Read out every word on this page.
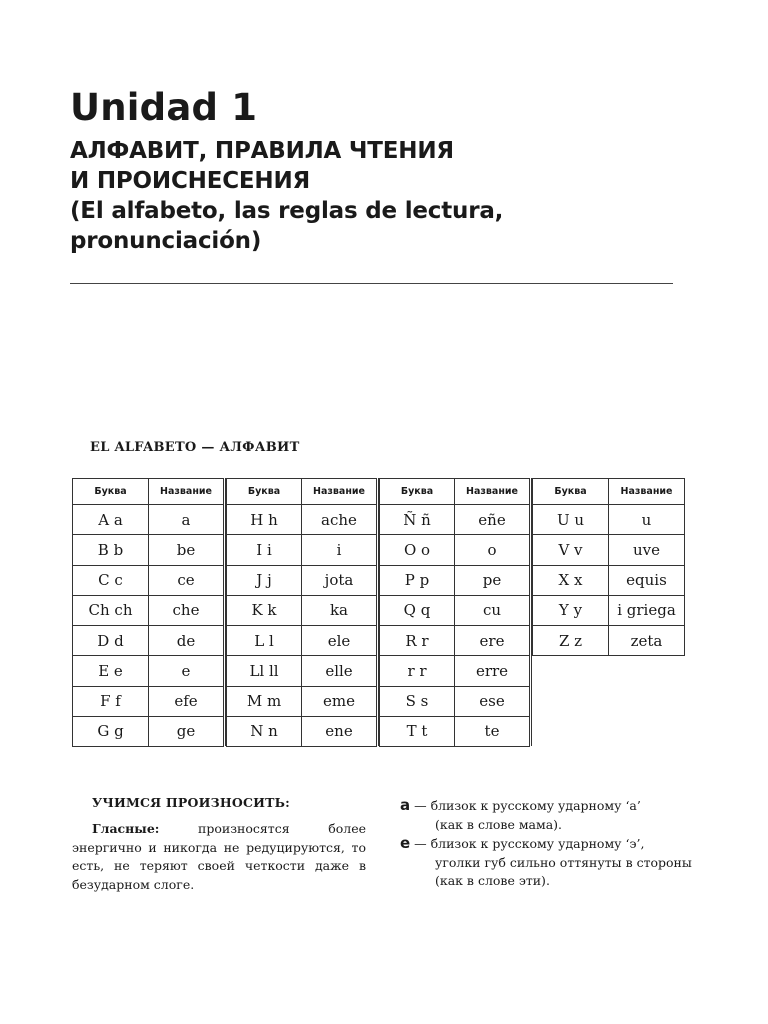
Unidad 1
АЛФАВИТ, ПРАВИЛА ЧТЕНИЯ
И ПРОИСНЕСЕНИЯ
(El alfabeto, las reglas de lectura,
pronunciación)
EL ALFABETO — АЛФАВИТ
Буква	Название
A a	a
B b	be
C c	ce
Ch ch	che
D d	de
E e	e
F f	efe
G g	ge
Буква	Название
H h	ache
I i	i
J j	jota
K k	ka
L l	ele
Ll ll	elle
M m	eme
N n	ene
Буква	Название
Ñ ñ	eñe
O o	o
P p	pe
Q q	cu
R r	ere
r r	erre
S s	ese
T t	te
Буква	Название
U u	u
V v	uve
X x	equis
Y y	i griega
Z z	zeta
УЧИМСЯ ПРОИЗНОСИТЬ:

Гласные: произносятся более энергично и никогда не редуцируются, то есть, не теряют своей четкости даже в безударном слоге.

a — близок к русскому ударному ‘а’
(как в слове мама).

e — близок к русскому ударному ‘э’,
уголки губ сильно оттянуты в стороны (как в слове эти).
